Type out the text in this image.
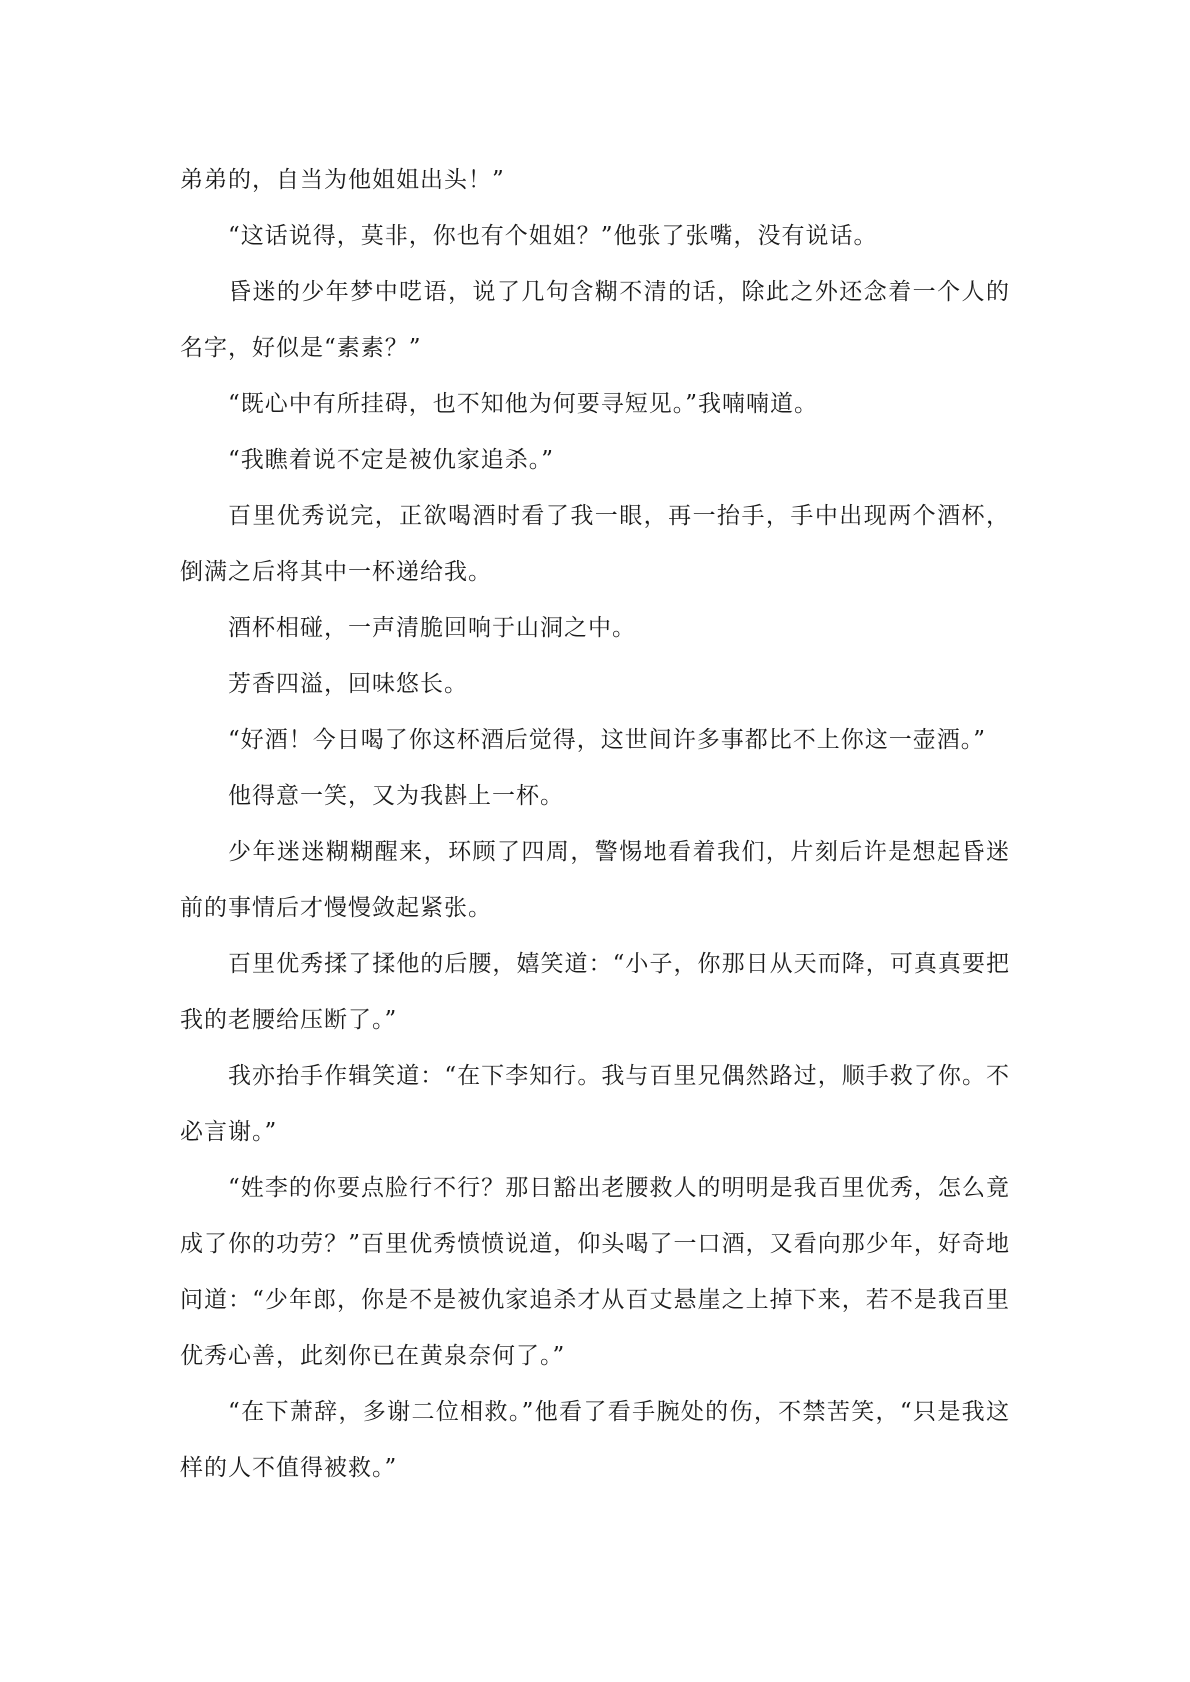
弟弟的，自当为他姐姐出头！”

“这话说得，莫非，你也有个姐姐？”他张了张嘴，没有说话。

昏迷的少年梦中呓语，说了几句含糊不清的话，除此之外还念着一个人的名字，好似是“素素？”

“既心中有所挂碍，也不知他为何要寻短见。”我喃喃道。

“我瞧着说不定是被仇家追杀。”

百里优秀说完，正欲喝酒时看了我一眼，再一抬手，手中出现两个酒杯，倒满之后将其中一杯递给我。

酒杯相碰，一声清脆回响于山洞之中。

芳香四溢，回味悠长。

“好酒！今日喝了你这杯酒后觉得，这世间许多事都比不上你这一壶酒。”

他得意一笑，又为我斟上一杯。

少年迷迷糊糊醒来，环顾了四周，警惕地看着我们，片刻后许是想起昏迷前的事情后才慢慢敛起紧张。

百里优秀揉了揉他的后腰，嬉笑道：“小子，你那日从天而降，可真真要把我的老腰给压断了。”

我亦抬手作辑笑道：“在下李知行。我与百里兄偶然路过，顺手救了你。不必言谢。”

“姓李的你要点脸行不行？那日豁出老腰救人的明明是我百里优秀，怎么竟成了你的功劳？”百里优秀愤愤说道，仰头喝了一口酒，又看向那少年，好奇地问道：“少年郎，你是不是被仇家追杀才从百丈悬崖之上掉下来，若不是我百里优秀心善，此刻你已在黄泉奈何了。”

“在下萧辞，多谢二位相救。”他看了看手腕处的伤，不禁苦笑，“只是我这样的人不值得被救。”
